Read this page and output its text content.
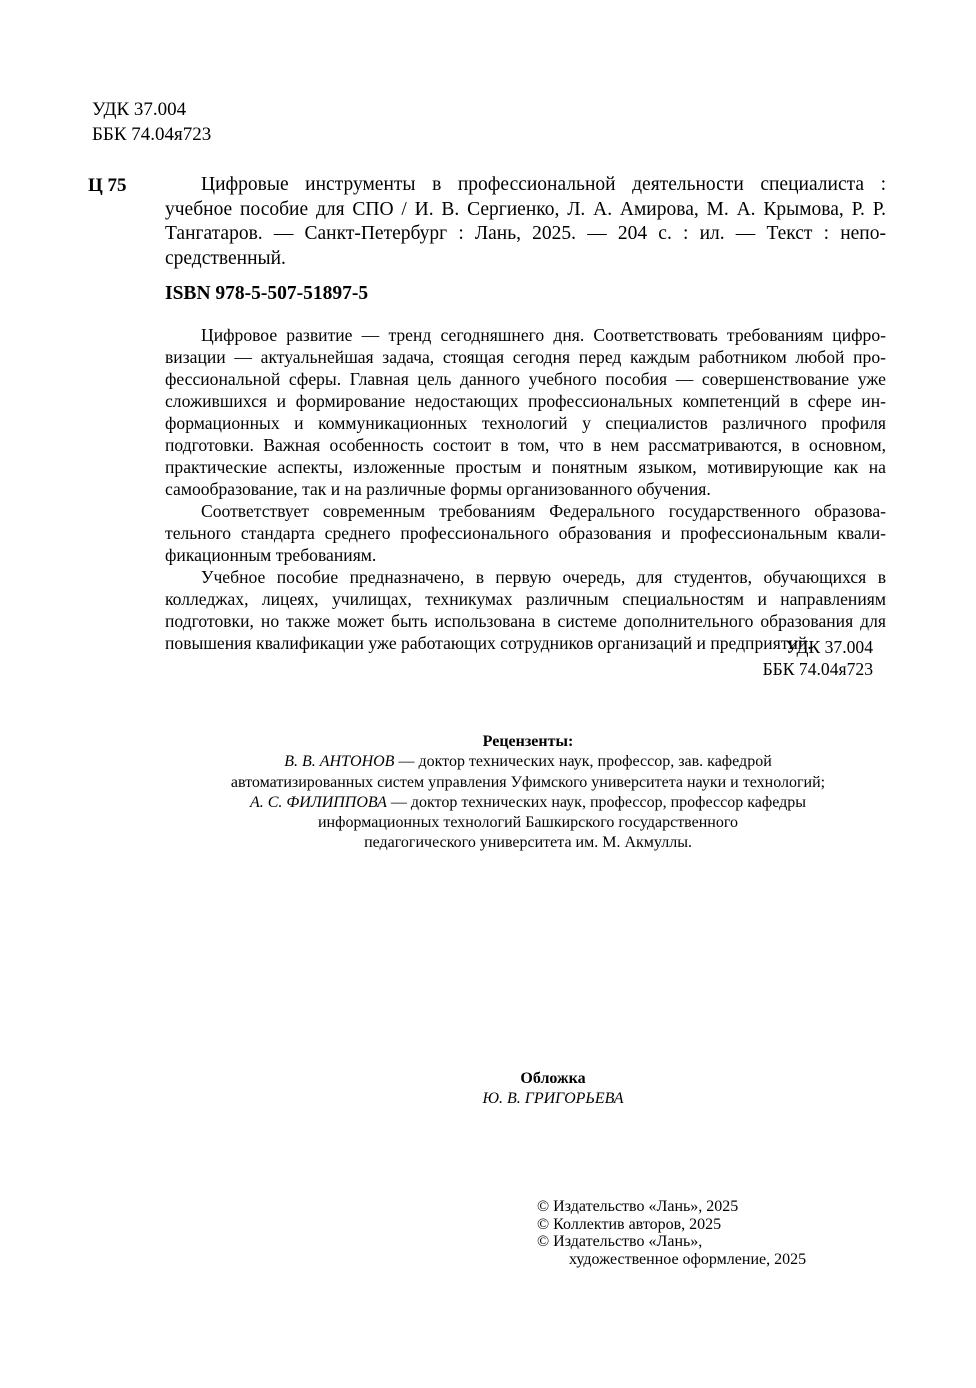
УДК 37.004
ББК 74.04я723
Ц 75	Цифровые инструменты в профессиональной деятельности специалиста : учебное пособие для СПО / И. В. Сергиенко, Л. А. Амирова, М. А. Крымова, Р. Р. Тангатаров. — Санкт-Петербург : Лань, 2025. — 204 с. : ил. — Текст : непосредственный.
ISBN 978-5-507-51897-5

Цифровое развитие — тренд сегодняшнего дня. Соответствовать требованиям цифровизации — актуальнейшая задача, стоящая сегодня перед каждым работником любой профессиональной сферы. Главная цель данного учебного пособия — совершенствование уже сложившихся и формирование недостающих профессиональных компетенций в сфере информационных и коммуникационных технологий у специалистов различного профиля подготовки. Важная особенность состоит в том, что в нем рассматриваются, в основном, практические аспекты, изложенные простым и понятным языком, мотивирующие как на самообразование, так и на различные формы организованного обучения.

Соответствует современным требованиям Федерального государственного образовательного стандарта среднего профессионального образования и профессиональным квалификационным требованиям.

Учебное пособие предназначено, в первую очередь, для студентов, обучающихся в колледжах, лицеях, училищах, техникумах различным специальностям и направлениям подготовки, но также может быть использована в системе дополнительного образования для повышения квалификации уже работающих сотрудников организаций и предприятий.

УДК 37.004
ББК 74.04я723
Рецензенты:
В. В. АНТОНОВ — доктор технических наук, профессор, зав. кафедрой
автоматизированных систем управления Уфимского университета науки и технологий;
А. С. ФИЛИППОВА — доктор технических наук, профессор, профессор кафедры
информационных технологий Башкирского государственного
педагогического университета им. М. Акмуллы.
Обложка
Ю. В. ГРИГОРЬЕВА
© Издательство «Лань», 2025
© Коллектив авторов, 2025
© Издательство «Лань»,
художественное оформление, 2025
